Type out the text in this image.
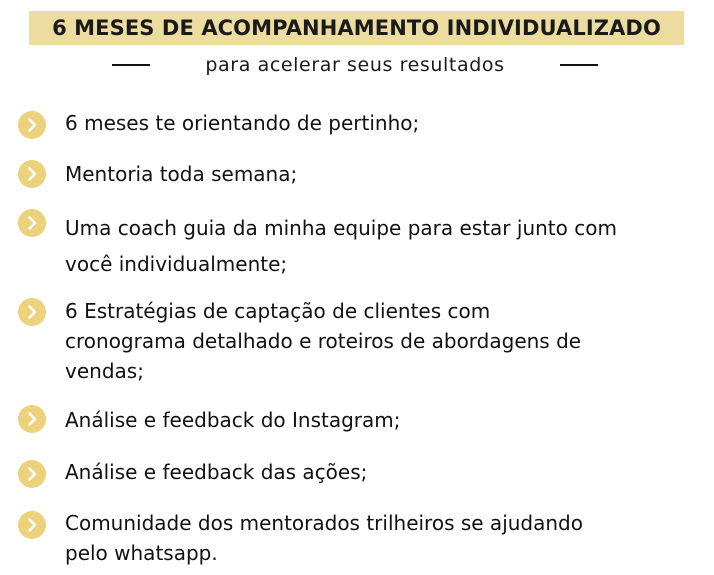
6 MESES DE ACOMPANHAMENTO INDIVIDUALIZADO
para acelerar seus resultados
6 meses te orientando de pertinho;
Mentoria toda semana;
Uma coach guia da minha equipe para estar junto com
você individualmente;
6 Estratégias de captação de clientes com
cronograma detalhado e roteiros de abordagens de
vendas;
Análise e feedback do Instagram;
Análise e feedback das ações;
Comunidade dos mentorados trilheiros se ajudando
pelo whatsapp.
